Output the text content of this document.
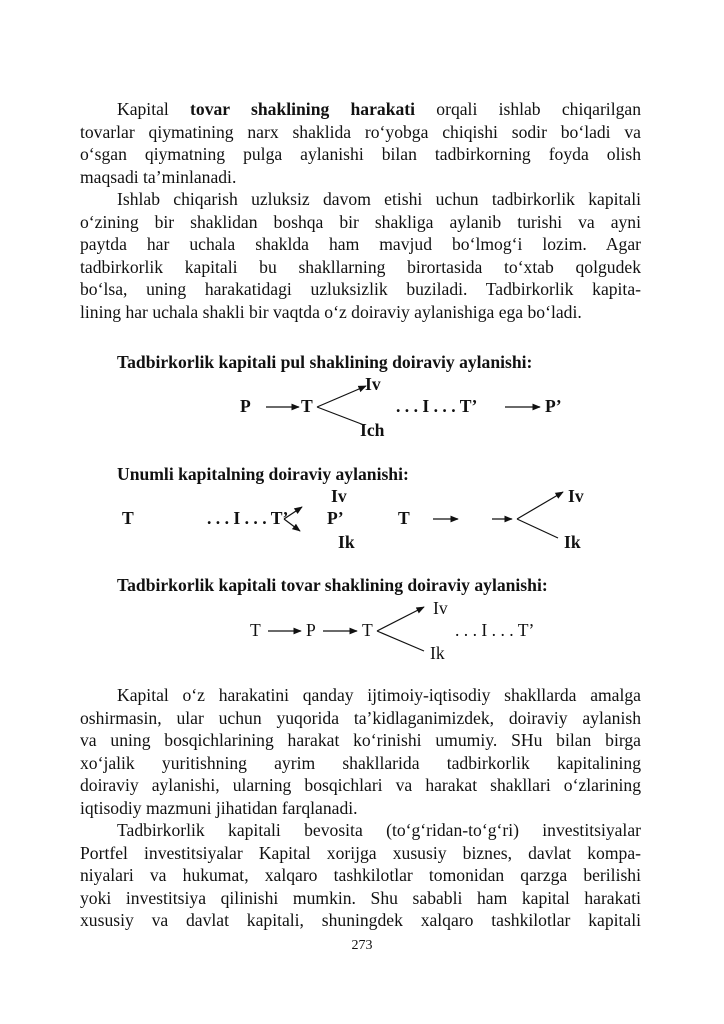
Kapital tovar shaklining harakati orqali ishlab chiqarilgan
tovarlar qiymatining narx shaklida ro‘yobga chiqishi sodir bo‘ladi va
o‘sgan qiymatning pulga aylanishi bilan tadbirkorning foyda olish
maqsadi ta’minlanadi.
Ishlab chiqarish uzluksiz davom etishi uchun tadbirkorlik kapitali
o‘zining bir shaklidan boshqa bir shakliga aylanib turishi va ayni
paytda har uchala shaklda ham mavjud bo‘lmog‘i lozim. Agar
tadbirkorlik kapitali bu shakllarning birortasida to‘xtab qolgudek
bo‘lsa, uning harakatidagi uzluksizlik buziladi. Tadbirkorlik kapita-
lining har uchala shakli bir vaqtda o‘z doiraviy aylanishiga ega bo‘ladi.

Tadbirkorlik kapitali pul shaklining doiraviy aylanishi:

Iv
P	T	. . . I . . . T’	P’
Ich

Unumli kapitalning doiraviy aylanishi:

Iv	Iv
T	. . . I . . . T’ P’	T
Ik	Ik

Tadbirkorlik kapitali tovar shaklining doiraviy aylanishi:

Iv
T	P	T	. . . I . . . T’
Ik
Kapital o‘z harakatini qanday ijtimoiy-iqtisodiy shakllarda amalga
oshirmasin, ular uchun yuqorida ta’kidlaganimizdek, doiraviy aylanish
va uning bosqichlarining harakat ko‘rinishi umumiy. SHu bilan birga
xo‘jalik yuritishning ayrim shakllarida tadbirkorlik kapitalining
doiraviy aylanishi, ularning bosqichlari va harakat shakllari o‘zlarining
iqtisodiy mazmuni jihatidan farqlanadi.
Tadbirkorlik kapitali bevosita (to‘g‘ridan-to‘g‘ri) investitsiyalar
Portfel investitsiyalar Kapital xorijga xususiy biznes, davlat kompa-
niyalari va hukumat, xalqaro tashkilotlar tomonidan qarzga berilishi
yoki investitsiya qilinishi mumkin. Shu sababli ham kapital harakati
xususiy va davlat kapitali, shuningdek xalqaro tashkilotlar kapitali
273
